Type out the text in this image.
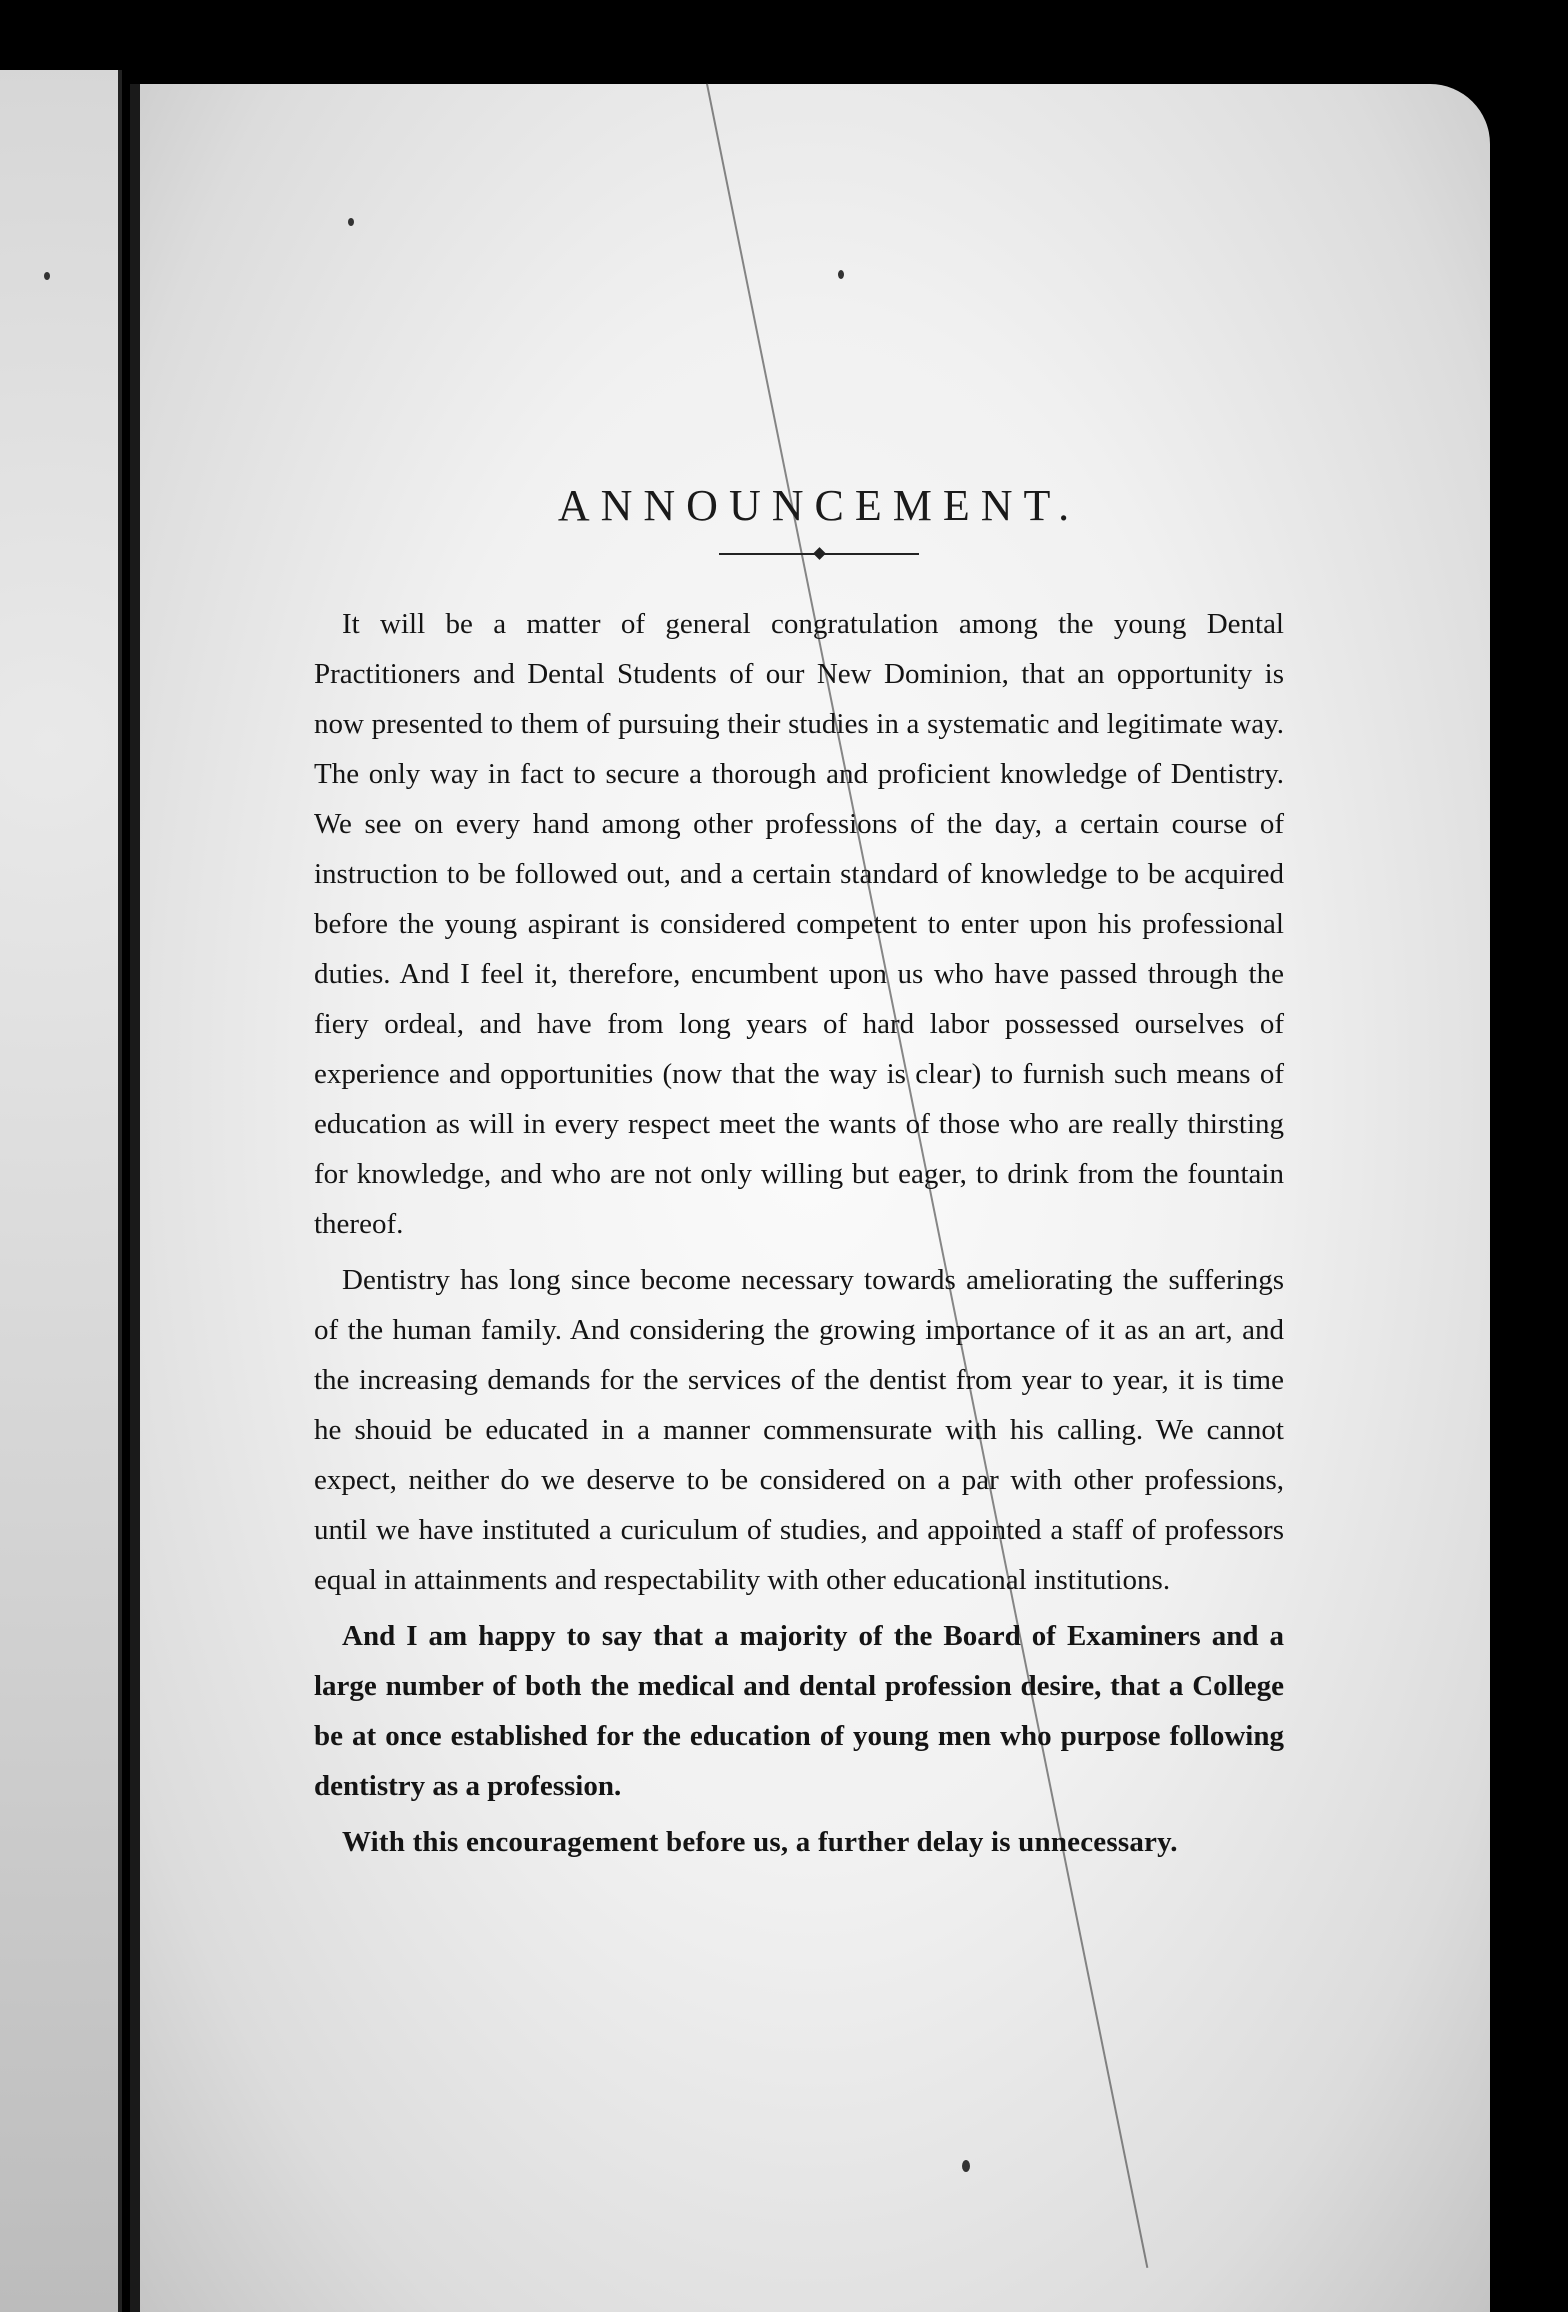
ANNOUNCEMENT.

It will be a matter of general congratulation among the young Dental Practitioners and Dental Students of our New Dominion, that an opportunity is now presented to them of pursuing their studies in a systematic and legitimate way. The only way in fact to secure a thorough and proficient knowledge of Dentistry. We see on every hand among other professions of the day, a certain course of instruction to be followed out, and a certain standard of knowledge to be acquired before the young aspirant is considered competent to enter upon his professional duties. And I feel it, therefore, encumbent upon us who have passed through the fiery ordeal, and have from long years of hard labor possessed ourselves of experience and opportunities (now that the way is clear) to furnish such means of education as will in every respect meet the wants of those who are really thirsting for knowledge, and who are not only willing but eager, to drink from the fountain thereof.

Dentistry has long since become necessary towards ameliorating the sufferings of the human family. And considering the growing importance of it as an art, and the increasing demands for the services of the dentist from year to year, it is time he shouid be educated in a manner commensurate with his calling. We cannot expect, neither do we deserve to be considered on a par with other professions, until we have instituted a curiculum of studies, and appointed a staff of professors equal in attainments and respectability with other educational institutions.

And I am happy to say that a majority of the Board of Examiners and a large number of both the medical and dental profession desire, that a College be at once established for the education of young men who purpose following dentistry as a profession.

With this encouragement before us, a further delay is unnecessary.
